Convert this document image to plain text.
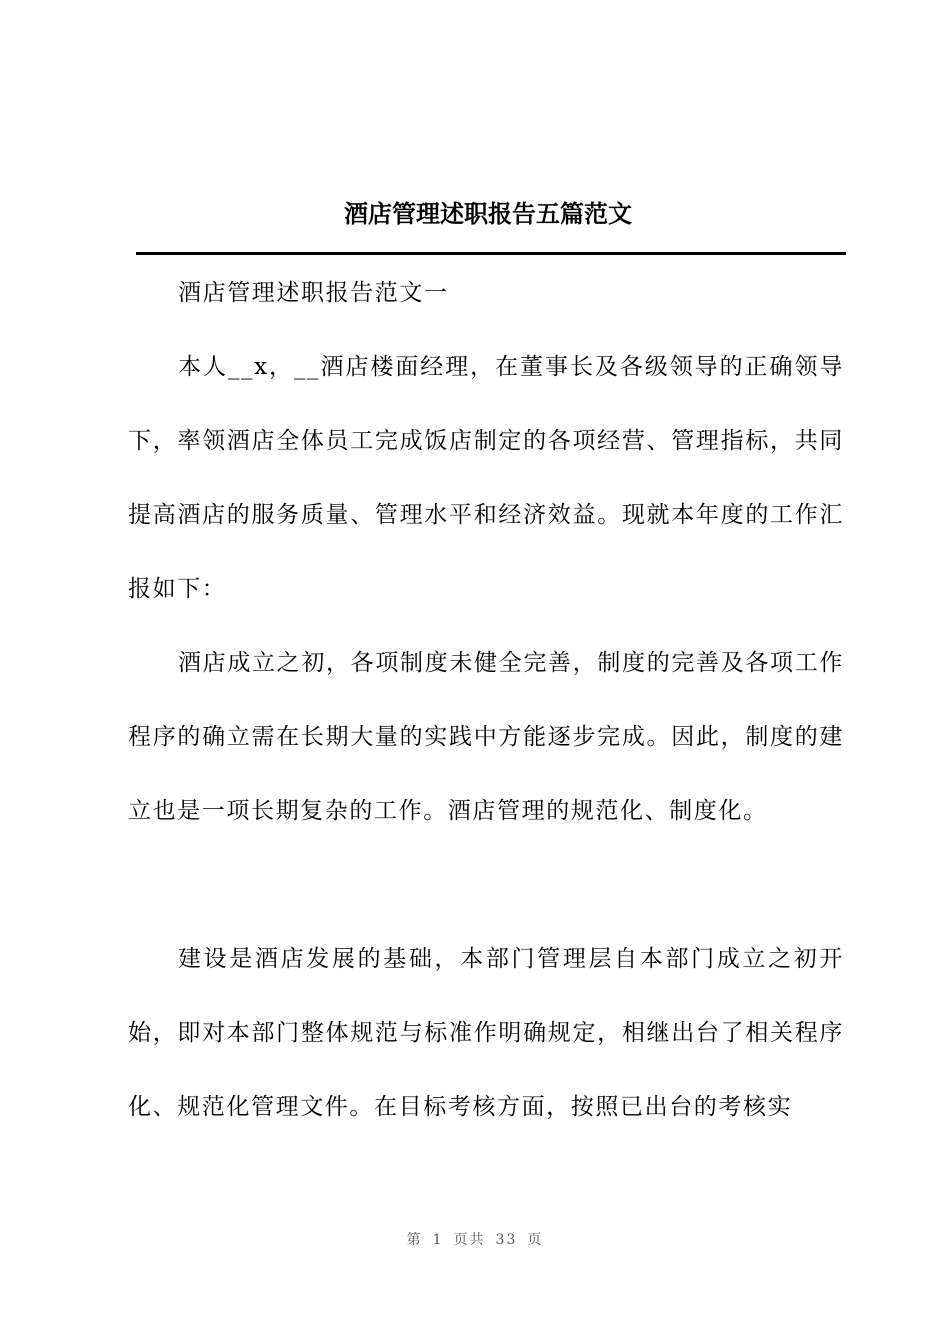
酒店管理述职报告五篇范文

酒店管理述职报告范文一

本人__x，__酒店楼面经理，在董事长及各级领导的正确领导下，率领酒店全体员工完成饭店制定的各项经营、管理指标，共同提高酒店的服务质量、管理水平和经济效益。现就本年度的工作汇报如下：

酒店成立之初，各项制度未健全完善，制度的完善及各项工作程序的确立需在长期大量的实践中方能逐步完成。因此，制度的建立也是一项长期复杂的工作。酒店管理的规范化、制度化。

建设是酒店发展的基础，本部门管理层自本部门成立之初开始，即对本部门整体规范与标准作明确规定，相继出台了相关程序化、规范化管理文件。在目标考核方面，按照已出台的考核实

第 1 页共 33 页
